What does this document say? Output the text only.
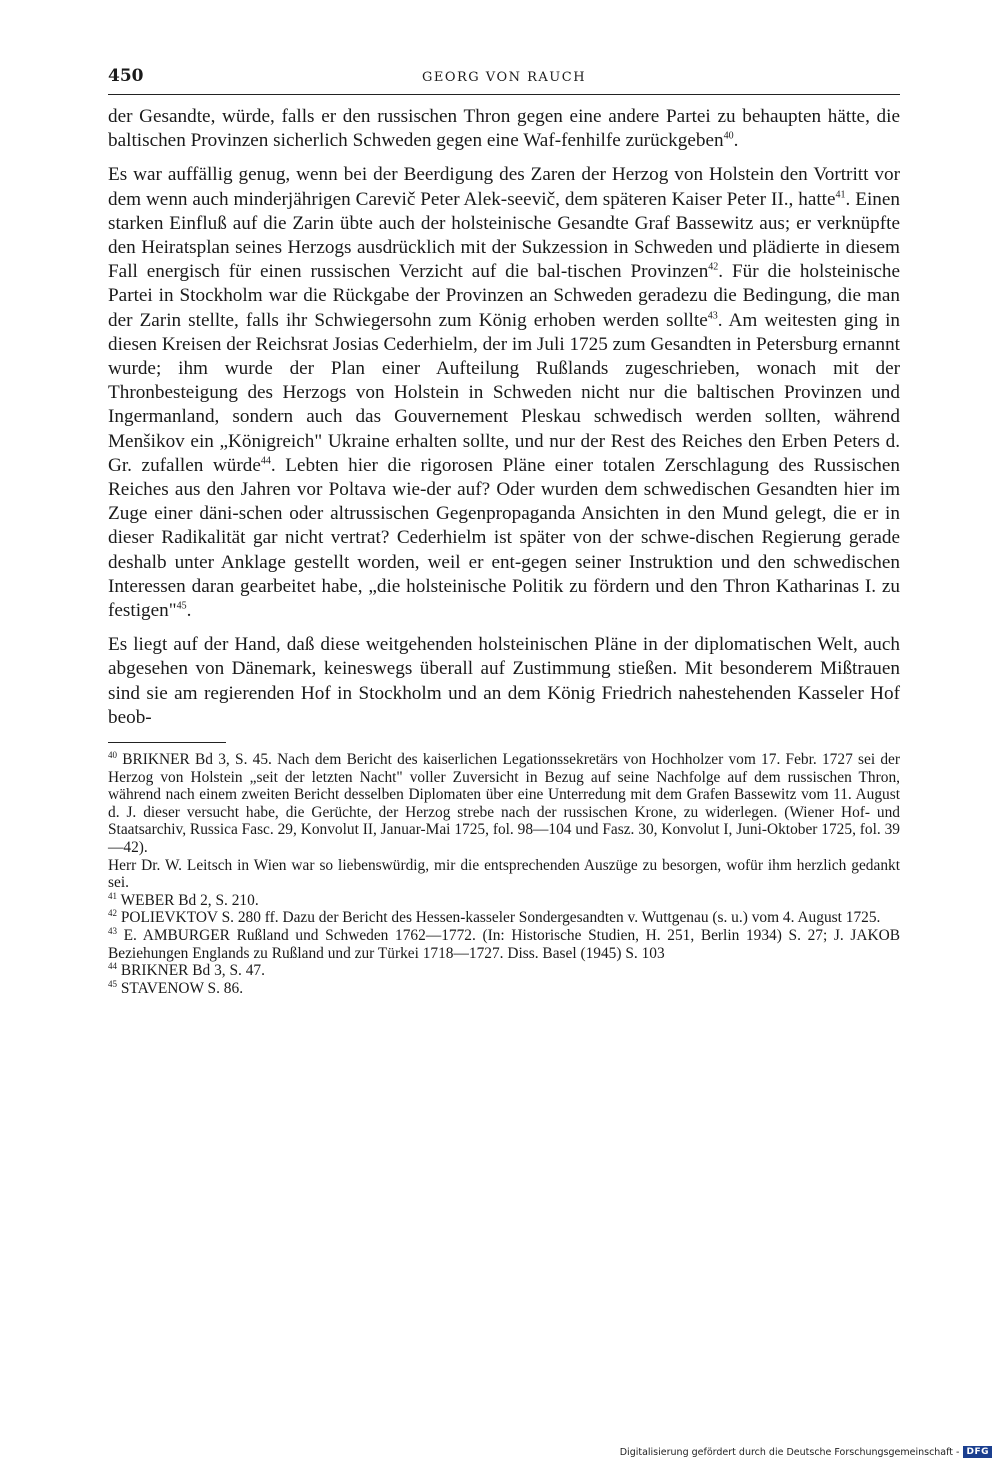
450	GEORG VON RAUCH

der Gesandte, würde, falls er den russischen Thron gegen eine andere Partei zu behaupten hätte, die baltischen Provinzen sicherlich Schweden gegen eine Waf-fenhilfe zurückgeben$^{40}$.

Es war auffällig genug, wenn bei der Beerdigung des Zaren der Herzog von Holstein den Vortritt vor dem wenn auch minderjährigen Carevič Peter Alek-seevič, dem späteren Kaiser Peter II., hatte$^{41}$. Einen starken Einfluß auf die Zarin übte auch der holsteinische Gesandte Graf Bassewitz aus; er verknüpfte den Heiratsplan seines Herzogs ausdrücklich mit der Sukzession in Schweden und plädierte in diesem Fall energisch für einen russischen Verzicht auf die bal-tischen Provinzen$^{42}$. Für die holsteinische Partei in Stockholm war die Rückgabe der Provinzen an Schweden geradezu die Bedingung, die man der Zarin stellte, falls ihr Schwiegersohn zum König erhoben werden sollte$^{43}$. Am weitesten ging in diesen Kreisen der Reichsrat Josias Cederhielm, der im Juli 1725 zum Gesandten in Petersburg ernannt wurde; ihm wurde der Plan einer Aufteilung Rußlands zugeschrieben, wonach mit der Thronbesteigung des Herzogs von Holstein in Schweden nicht nur die baltischen Provinzen und Ingermanland, sondern auch das Gouvernement Pleskau schwedisch werden sollten, während Menšikov ein „Königreich" Ukraine erhalten sollte, und nur der Rest des Reiches den Erben Peters d. Gr. zufallen würde$^{44}$. Lebten hier die rigorosen Pläne einer totalen Zerschlagung des Russischen Reiches aus den Jahren vor Poltava wie-der auf? Oder wurden dem schwedischen Gesandten hier im Zuge einer däni-schen oder altrussischen Gegenpropaganda Ansichten in den Mund gelegt, die er in dieser Radikalität gar nicht vertrat? Cederhielm ist später von der schwe-dischen Regierung gerade deshalb unter Anklage gestellt worden, weil er ent-gegen seiner Instruktion und den schwedischen Interessen daran gearbeitet habe, „die holsteinische Politik zu fördern und den Thron Katharinas I. zu festigen"$^{45}$.

Es liegt auf der Hand, daß diese weitgehenden holsteinischen Pläne in der diplomatischen Welt, auch abgesehen von Dänemark, keineswegs überall auf Zustimmung stießen. Mit besonderem Mißtrauen sind sie am regierenden Hof in Stockholm und an dem König Friedrich nahestehenden Kasseler Hof beob-

$^{40}$ BRIKNER Bd 3, S. 45. Nach dem Bericht des kaiserlichen Legationssekretärs von Hochholzer vom 17. Febr. 1727 sei der Herzog von Holstein „seit der letzten Nacht" voller Zuversicht in Bezug auf seine Nachfolge auf dem russischen Thron, während nach einem zweiten Bericht desselben Diplomaten über eine Unterredung mit dem Grafen Bassewitz vom 11. August d. J. dieser versucht habe, die Gerüchte, der Herzog strebe nach der russischen Krone, zu widerlegen. (Wiener Hof- und Staatsarchiv, Russica Fasc. 29, Konvolut II, Januar-Mai 1725, fol. 98—104 und Fasz. 30, Konvolut I, Juni-Oktober 1725, fol. 39—42).

Herr Dr. W. Leitsch in Wien war so liebenswürdig, mir die entsprechenden Auszüge zu besorgen, wofür ihm herzlich gedankt sei.

$^{41}$ WEBER Bd 2, S. 210.

$^{42}$ POLIEVKTOV S. 280 ff. Dazu der Bericht des Hessen-kasseler Sondergesandten v. Wuttgenau (s. u.) vom 4. August 1725.

$^{43}$ E. AMBURGER Rußland und Schweden 1762—1772. (In: Historische Studien, H. 251, Berlin 1934) S. 27; J. JAKOB Beziehungen Englands zu Rußland und zur Türkei 1718—1727. Diss. Basel (1945) S. 103

$^{44}$ BRIKNER Bd 3, S. 47.

$^{45}$ STAVENOW S. 86.

Digitalisierung gefördert durch die Deutsche Forschungsgemeinschaft - DFG
